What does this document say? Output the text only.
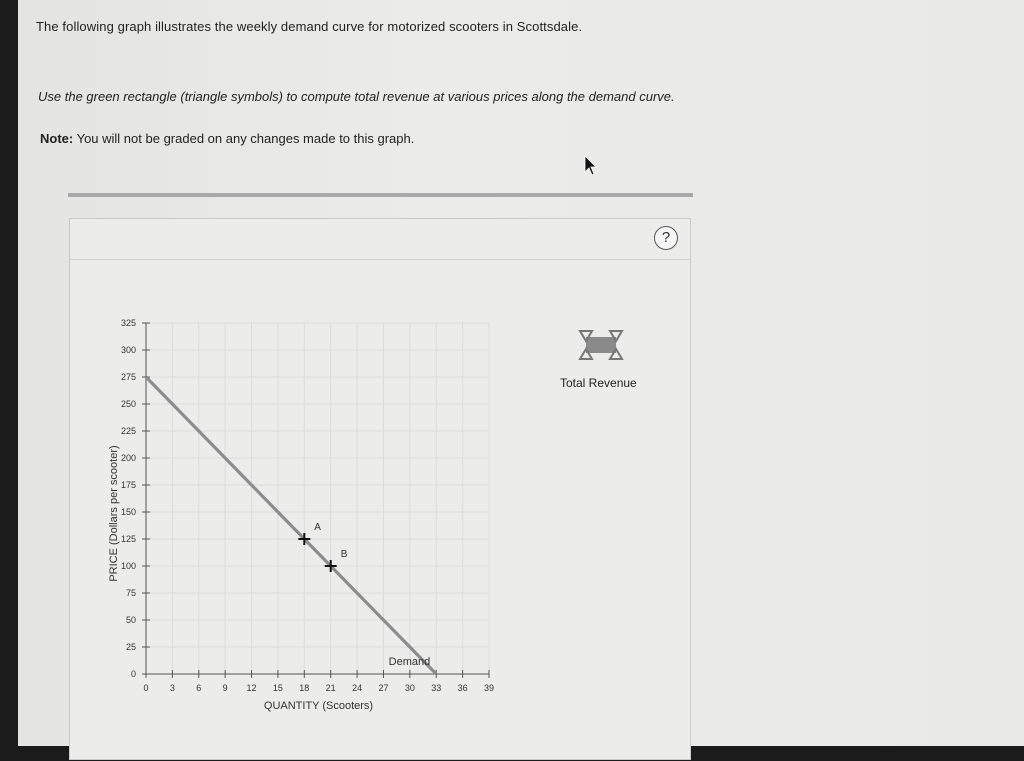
The following graph illustrates the weekly demand curve for motorized scooters in Scottsdale.
Use the green rectangle (triangle symbols) to compute total revenue at various prices along the demand curve.
Note: You will not be graded on any changes made to this graph.
?
Total Revenue
0
25
50
75
100
125
150
175
200
225
250
275
300
325
0 3 6 9 12 15 18 21 24 27 30 33 36 39
QUANTITY (Scooters)
PRICE (Dollars per scooter)
Demand
A
B
